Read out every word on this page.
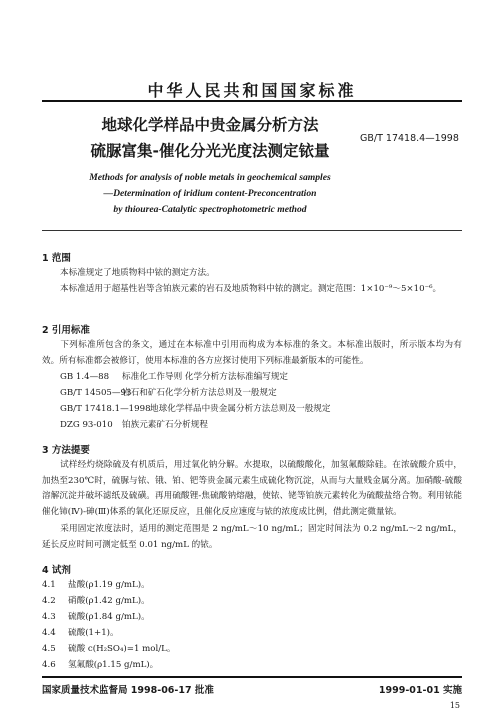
中华人民共和国国家标准
地球化学样品中贵金属分析方法
硫脲富集-催化分光光度法测定铱量
GB/T 17418.4—1998
Methods for analysis of noble metals in geochemical samples
—Determination of iridium content-Preconcentration
by thiourea-Catalytic spectrophotometric method
1 范围
本标准规定了地质物料中铱的测定方法。
本标准适用于超基性岩等含铂族元素的岩石及地质物料中铱的测定。测定范围：1×10⁻⁹～5×10⁻⁶。
2 引用标准
下列标准所包含的条文，通过在本标准中引用而构成为本标准的条文。本标准出版时，所示版本均为有效。所有标准都会被修订，使用本标准的各方应探讨使用下列标准最新版本的可能性。
GB 1.4—88 标准化工作导则 化学分析方法标准编写规定
GB/T 14505—93岩石和矿石化学分析方法总则及一般规定
GB/T 17418.1—1998地球化学样品中贵金属分析方法总则及一般规定
DZG 93-010 铂族元素矿石分析规程
3 方法提要
试样经灼烧除硫及有机质后，用过氧化钠分解。水提取，以硫酸酸化，加氢氟酸除硅。在浓硫酸介质中，加热至230℃时，硫脲与铱、锇、铂、钯等贵金属元素生成硫化物沉淀，从而与大量贱金属分离。加硝酸-硫酸溶解沉淀并破坏滤纸及硫磺。再用硫酸锂-焦硫酸钠熔融，使铱、铑等铂族元素转化为硫酸盐络合物。利用铱能催化铈(Ⅳ)-砷(Ⅲ)体系的氧化还原反应，且催化反应速度与铱的浓度成比例，借此测定微量铱。
采用固定浓度法时，适用的测定范围是 2 ng/mL～10 ng/mL；固定时间法为 0.2 ng/mL～2 ng/mL，延长反应时间可测定低至 0.01 ng/mL 的铱。
4 试剂
4.1 盐酸(ρ1.19 g/mL)。
4.2 硝酸(ρ1.42 g/mL)。
4.3 硫酸(ρ1.84 g/mL)。
4.4 硫酸(1+1)。
4.5 硫酸 c(H₂SO₄)=1 mol/L。
4.6 氢氟酸(ρ1.15 g/mL)。
国家质量技术监督局 1998-06-17 批准	1999-01-01 实施
15
